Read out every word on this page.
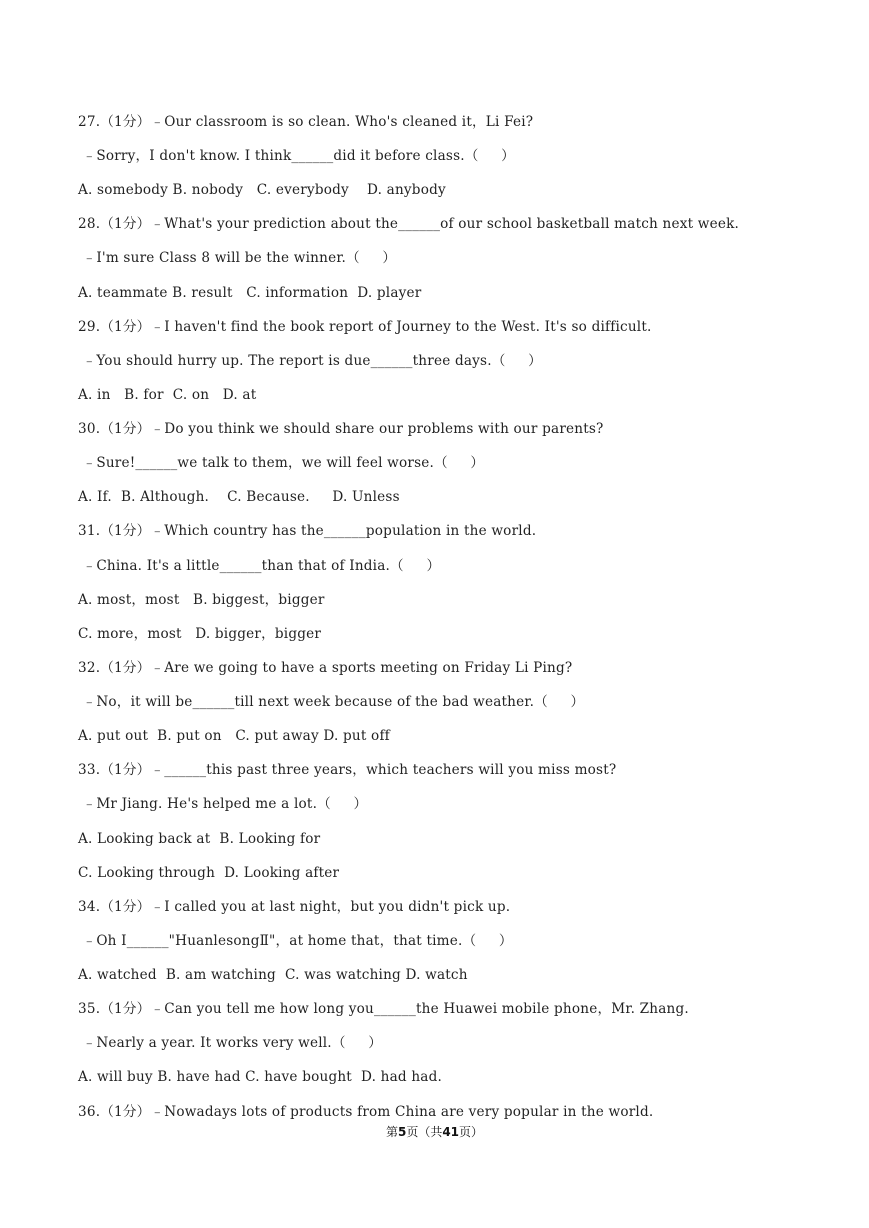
27.（1分）﹣Our classroom is so clean. Who's cleaned it，Li Fei?
﹣Sorry，I don't know. I think______did it before class.（     ）
A. somebody B. nobody   C. everybody    D. anybody
28.（1分）﹣What's your prediction about the______of our school basketball match next week.
﹣I'm sure Class 8 will be the winner.（     ）
A. teammate B. result   C. information  D. player
29.（1分）﹣I haven't find the book report of Journey to the West. It's so difficult.
﹣You should hurry up. The report is due______three days.（     ）
A. in   B. for  C. on   D. at
30.（1分）﹣Do you think we should share our problems with our parents?
﹣Sure!______we talk to them，we will feel worse.（     ）
A. If.  B. Although.    C. Because.     D. Unless
31.（1分）﹣Which country has the______population in the world.
﹣China. It's a little______than that of India.（     ）
A. most，most   B. biggest，bigger
C. more，most   D. bigger，bigger
32.（1分）﹣Are we going to have a sports meeting on Friday Li Ping?
﹣No，it will be______till next week because of the bad weather.（     ）
A. put out  B. put on   C. put away D. put off
33.（1分）﹣______this past three years，which teachers will you miss most?
﹣Mr Jiang. He's helped me a lot.（     ）
A. Looking back at  B. Looking for
C. Looking through  D. Looking after
34.（1分）﹣I called you at last night，but you didn't pick up.
﹣Oh I______"HuanlesongⅡ"，at home that，that time.（     ）
A. watched  B. am watching  C. was watching D. watch
35.（1分）﹣Can you tell me how long you______the Huawei mobile phone，Mr. Zhang.
﹣Nearly a year. It works very well.（     ）
A. will buy B. have had C. have bought  D. had had.
36.（1分）﹣Nowadays lots of products from China are very popular in the world.
第5页（共41页）
